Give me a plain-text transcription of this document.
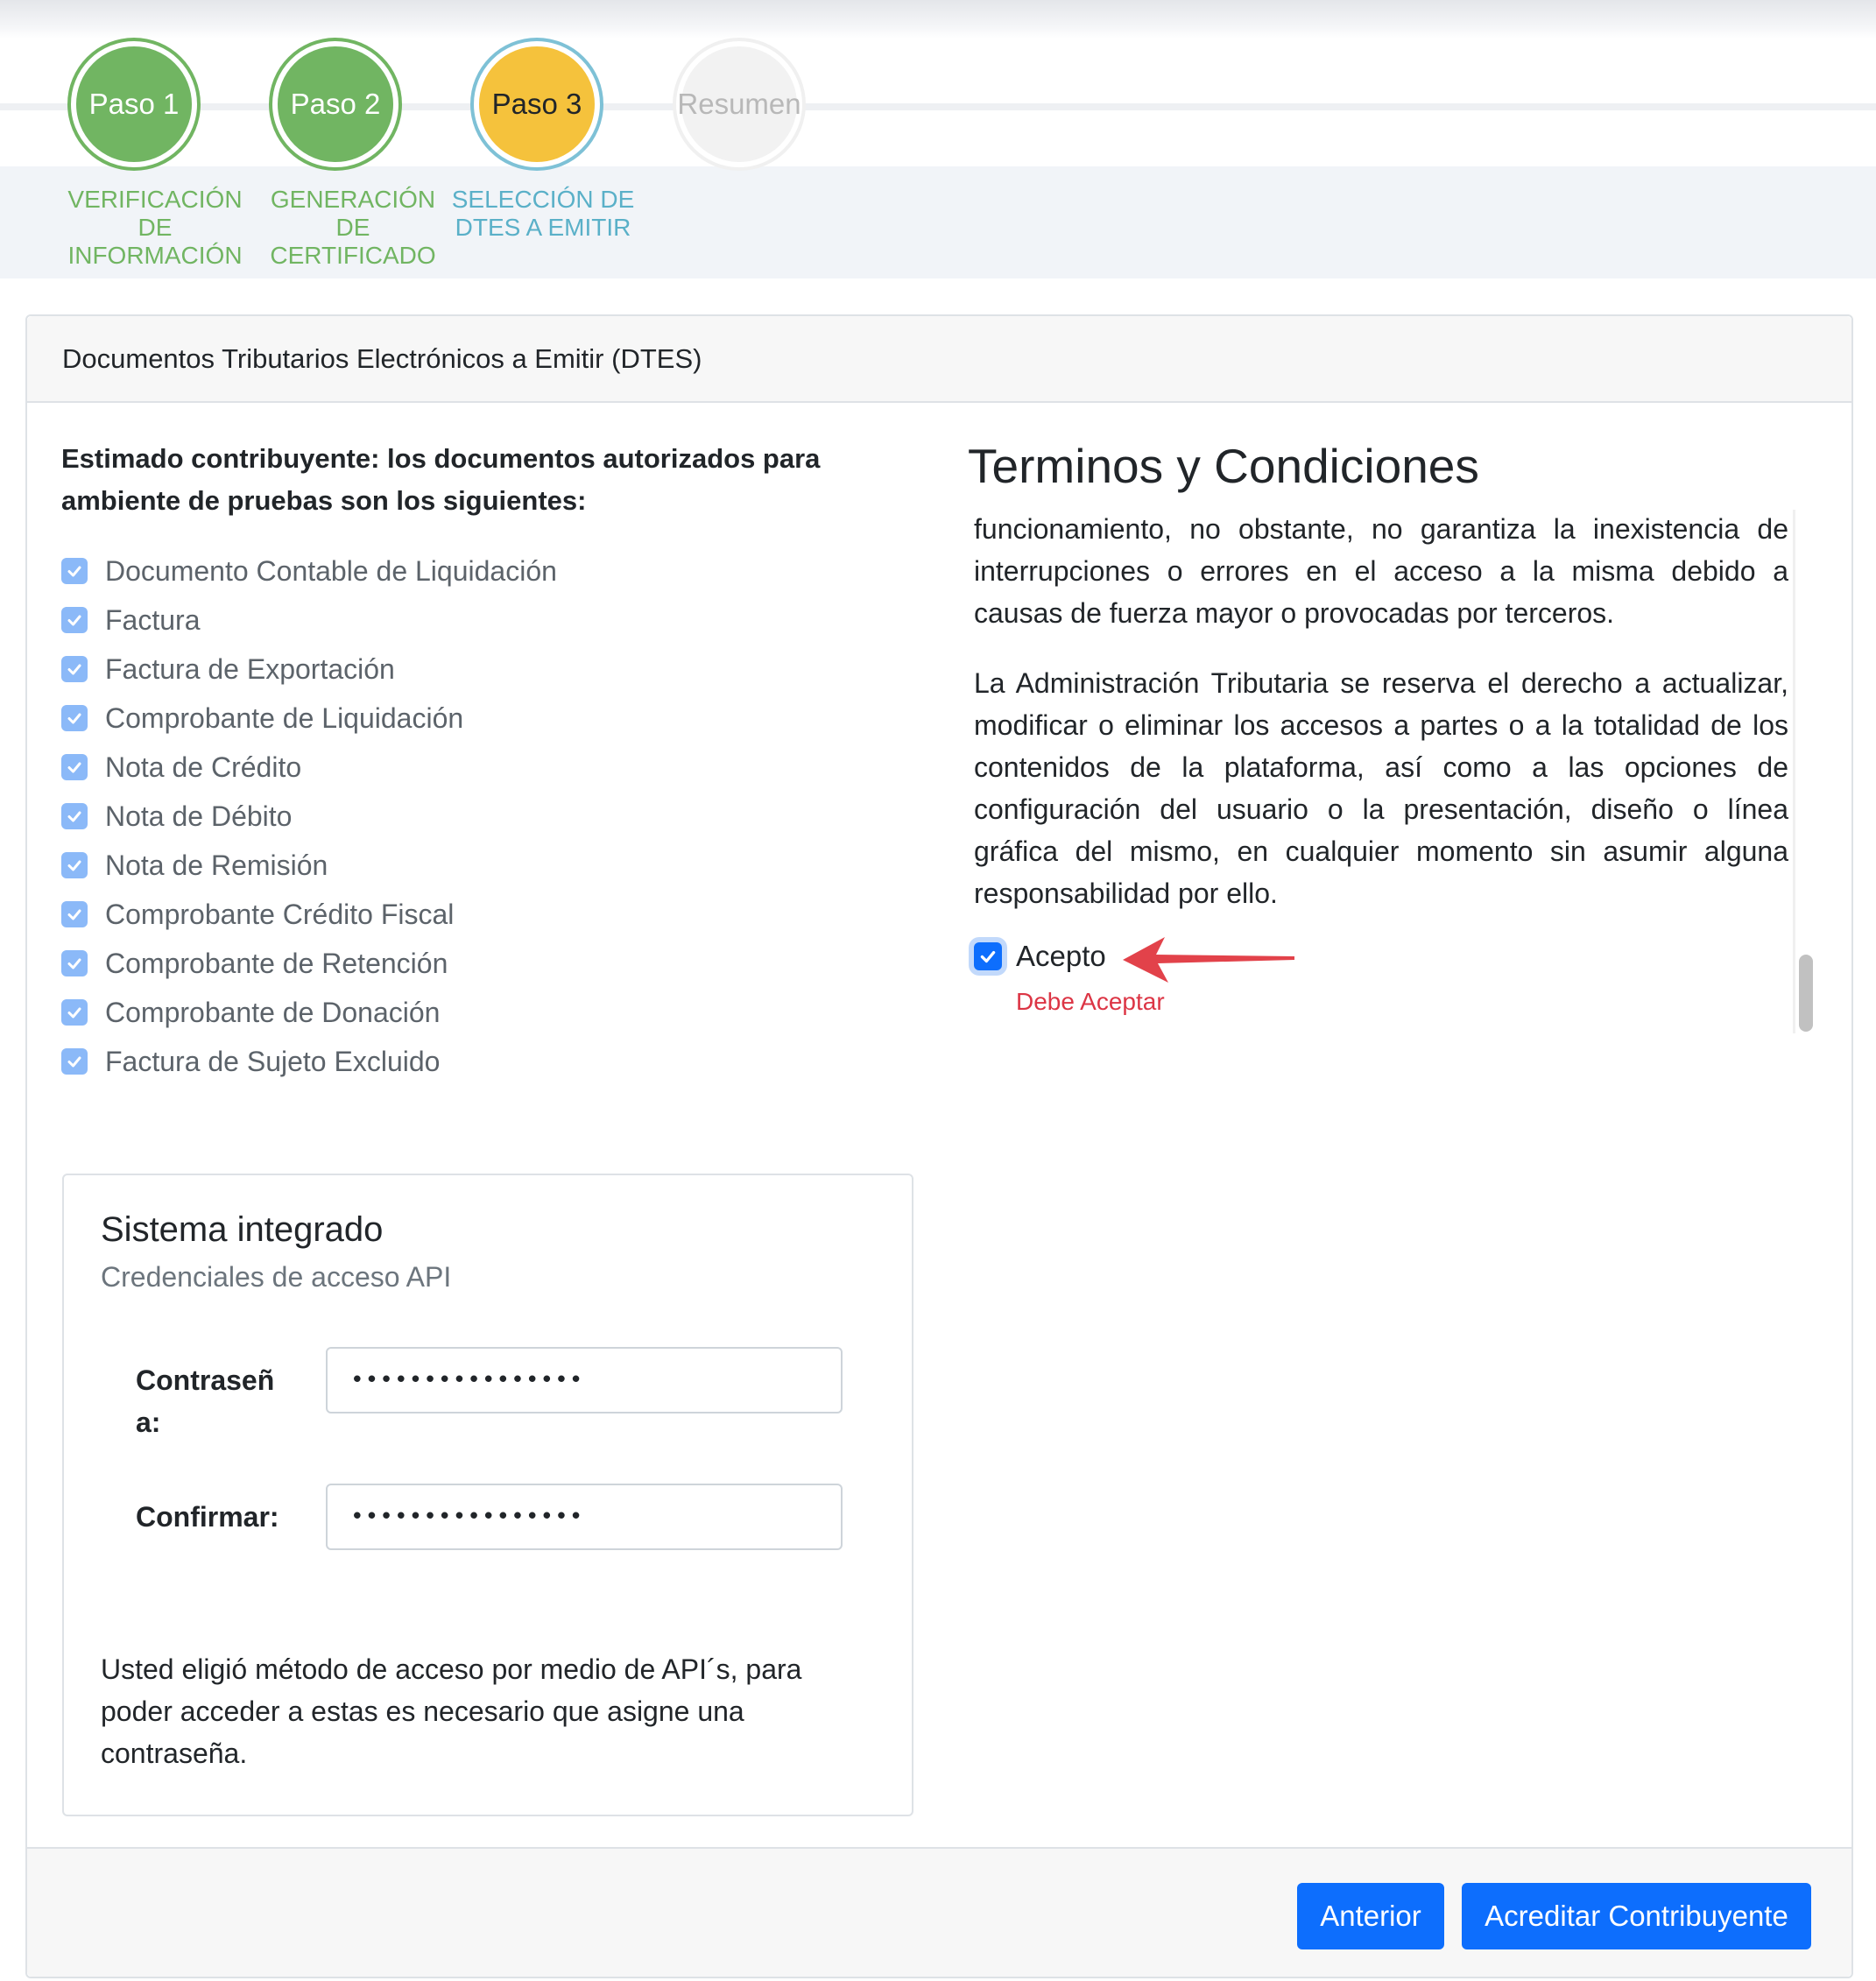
Paso 1	Paso 2	Paso 3	Resumen
VERIFICACIÓN DE INFORMACIÓN
GENERACIÓN DE CERTIFICADO
SELECCIÓN DE DTES A EMITIR
Documentos Tributarios Electrónicos a Emitir (DTES)
Estimado contribuyente: los documentos autorizados para ambiente de pruebas son los siguientes:
Documento Contable de Liquidación
Factura
Factura de Exportación
Comprobante de Liquidación
Nota de Crédito
Nota de Débito
Nota de Remisión
Comprobante Crédito Fiscal
Comprobante de Retención
Comprobante de Donación
Factura de Sujeto Excluido
Sistema integrado
Credenciales de acceso API
Contraseña:
••••••••••••••••
Confirmar:
••••••••••••••••
Usted eligió método de acceso por medio de API´s, para poder acceder a estas es necesario que asigne una contraseña.
Terminos y Condiciones

funcionamiento, no obstante, no garantiza la inexistencia de interrupciones o errores en el acceso a la misma debido a causas de fuerza mayor o provocadas por terceros.

La Administración Tributaria se reserva el derecho a actualizar, modificar o eliminar los accesos a partes o a la totalidad de los contenidos de la plataforma, así como a las opciones de configuración del usuario o la presentación, diseño o línea gráfica del mismo, en cualquier momento sin asumir alguna responsabilidad por ello.

Acepto
Debe Aceptar
Anterior	Acreditar Contribuyente
